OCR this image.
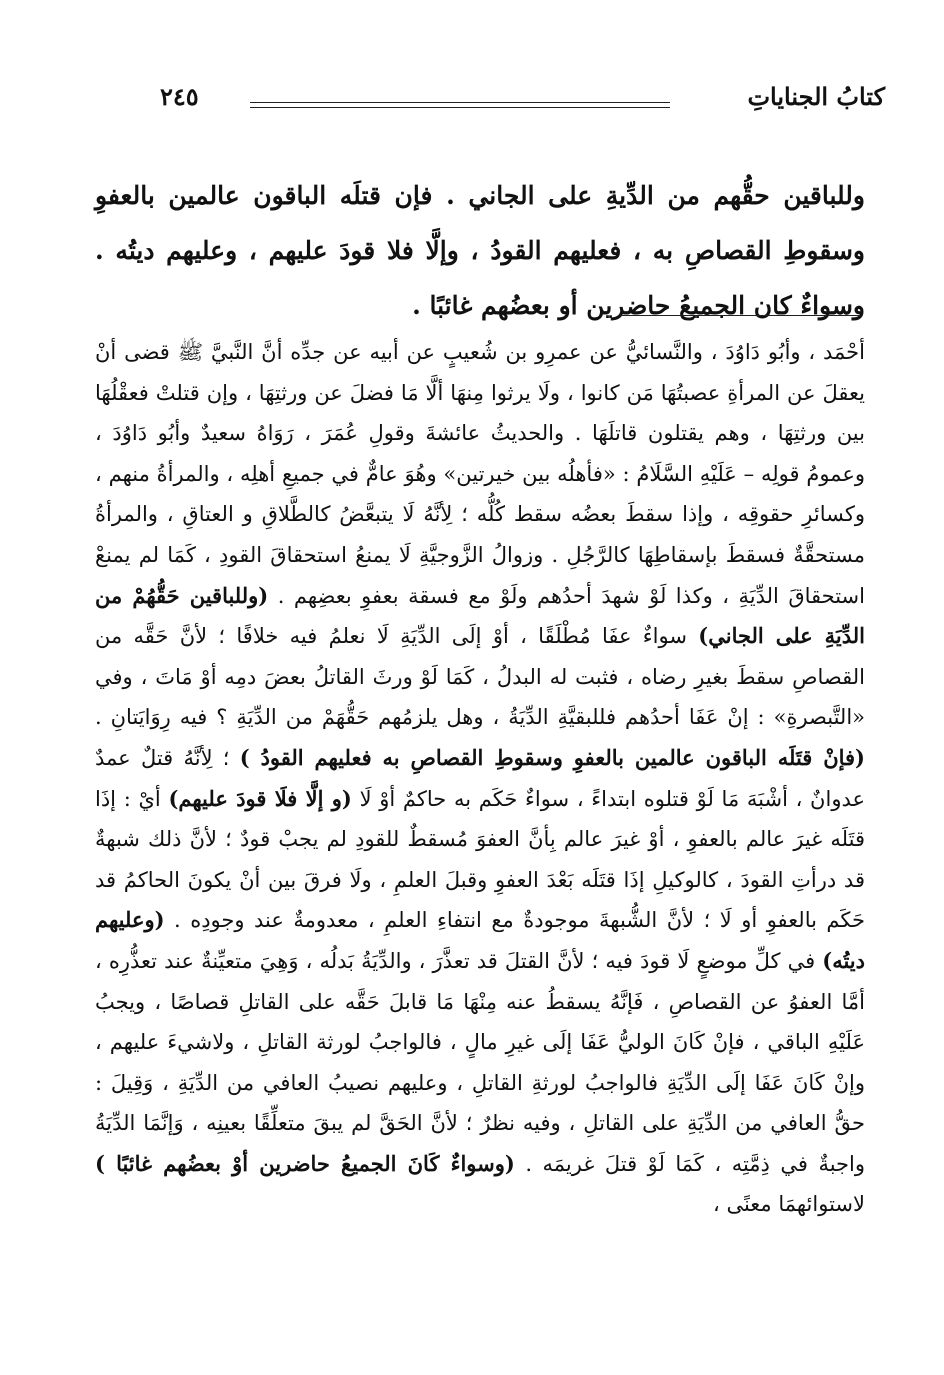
كتابُ الجناياتِ
٢٤٥

وللباقين حقُّهم من الدِّيةِ على الجاني . فإن قتلَه الباقون عالمين بالعفوِ وسقوطِ القصاصِ به ، فعليهم القودُ ، وإلَّا فلا قودَ عليهم ، وعليهم ديتُه . وسواءٌ كان الجميعُ حاضرين أو بعضُهم غائبًا .

أحْمَد ، وأبُو دَاوُدَ ، والنَّسائيُّ عن عمرِو بن شُعيبٍ عن أبيه عن جدِّه أنَّ النَّبيَّ ﷺ قضى أنْ يعقلَ عن المرأةِ عصبتُهَا مَن كانوا ، ولَا يرثوا مِنهَا ألَّا مَا فضلَ عن ورثتِهَا ، وإن قتلتْ فعقْلُهَا بين ورثتِهَا ، وهم يقتلون قاتلَهَا . والحديثُ عائشةَ وقولِ عُمَرَ ، رَوَاهُ سعيدٌ وأبُو دَاوُدَ ، وعمومُ قولِه – عَلَيْهِ السَّلَامُ : «فأهلُه بين خيرتين» وهُوَ عامٌّ في جميعِ أهلِه ، والمرأةُ منهم ، وكسائرِ حقوقِه ، وإذا سقطَ بعضُه سقط كُلُّه ؛ لِأنَّهُ لَا يتبعَّضُ كالطَّلاقِ و العتاقِ ، والمرأةُ مستحقَّةٌ فسقطَ بإسقاطِهَا كالرَّجُلِ . وزوالُ الزَّوجيَّةِ لَا يمنعُ استحقاقَ القودِ ، كَمَا لم يمنعْ استحقاقَ الدِّيَةِ ، وكذا لَوْ شهدَ أحدُهم ولَوْ مع فسقة بعفوِ بعضِهم . (وللباقين حَقُّهُمْ من الدِّيَةِ على الجاني) سواءٌ عفَا مُطْلَقًا ، أوْ إلَى الدِّيَةِ لَا نعلمُ فيه خلافًا ؛ لأنَّ حَقَّه من القصاصِ سقطَ بغيرِ رضاه ، فثبت له البدلُ ، كَمَا لَوْ ورثَ القاتلُ بعضَ دمِه أوْ مَاتَ ، وفي «التَّبصرةِ» : إنْ عَفَا أحدُهم فللبقيَّةِ الدِّيَةُ ، وهل يلزمُهم حَقُّهَمْ من الدِّيَةِ ؟ فيه رِوَايَتانِ . (فإنْ قتَلَه الباقون عالمين بالعفوِ وسقوطِ القصاصِ به فعليهم القودُ ) ؛ لِأنَّهُ قتلٌ عمدٌ عدوانٌ ، أشْبَهَ مَا لَوْ قتلوه ابتداءً ، سواءٌ حَكَم به حاكمٌ أوْ لَا (و إلَّا فلَا قودَ عليهم) أيْ : إذَا قتَلَه غيرَ عالم بالعفوِ ، أوْ غيرَ عالم بِأنَّ العفوَ مُسقطٌ للقودِ لم يجبْ قودٌ ؛ لأنَّ ذلك شبهةٌ قد درأتِ القودَ ، كالوكيلِ إذَا قتَلَه بَعْدَ العفوِ وقبلَ العلمِ ، ولَا فرقَ بين أنْ يكونَ الحاكمُ قد حَكَم بالعفوِ أو لَا ؛ لأنَّ الشُّبهةَ موجودةٌ مع انتفاءِ العلمِ ، معدومةٌ عند وجودِه . (وعليهم ديتُه) في كلِّ موضعٍ لَا قودَ فيه ؛ لأنَّ القتلَ قد تعذَّرَ ، والدِّيَةُ بَدلُه ، وَهِيَ متعيِّنةٌ عند تعذُّرِه ، أمَّا العفوُ عن القصاصِ ، فَإنَّهُ يسقطُ عنه مِنْهَا مَا قابلَ حَقَّه على القاتلِ قصاصًا ، ويجبُ عَلَيْهِ الباقي ، فإنْ كَانَ الوليُّ عَفَا إلَى غيرِ مالٍ ، فالواجبُ لورثة القاتلِ ، ولاشيءَ عليهم ، وإنْ كَانَ عَفَا إلَى الدِّيَةِ فالواجبُ لورثةِ القاتلِ ، وعليهم نصيبُ العافي من الدِّيَةِ ، وَقِيلَ : حقُّ العافي من الدِّيَةِ على القاتلِ ، وفيه نظرٌ ؛ لأنَّ الحَقَّ لم يبقَ متعلِّقًا بعينِه ، وَإنَّمَا الدِّيَةُ واجبةٌ في ذِمَّتِه ، كَمَا لَوْ قتلَ غريمَه . (وسواءٌ كَانَ الجميعُ حاضرين أوْ بعضُهم غائبًا ) لاستوائهمَا معنًى ،
